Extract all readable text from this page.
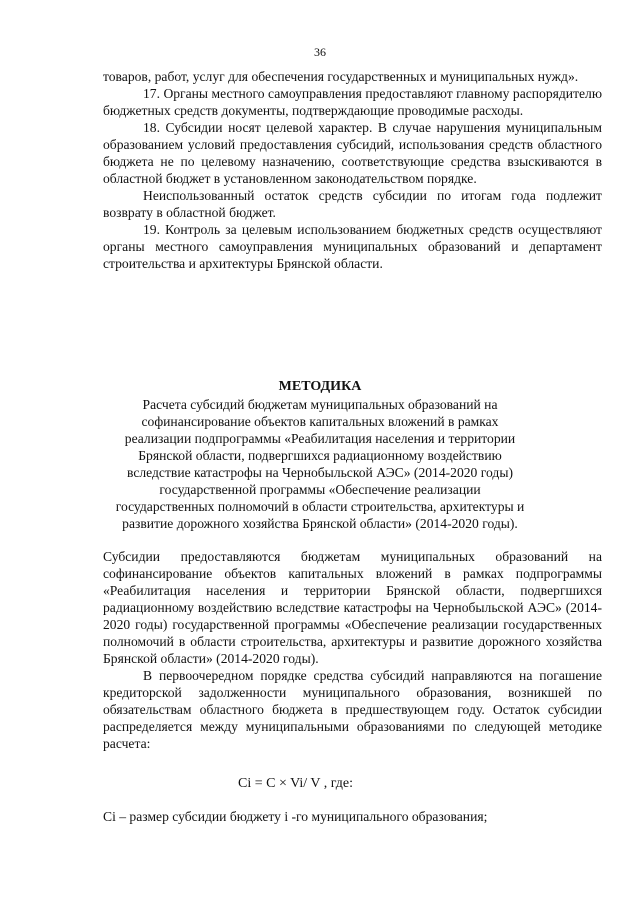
36

товаров, работ, услуг для обеспечения государственных и муниципальных нужд».

17. Органы местного самоуправления предоставляют главному распорядителю бюджетных средств документы, подтверждающие проводимые расходы.

18. Субсидии носят целевой характер. В случае нарушения муниципальным образованием условий предоставления субсидий, использования средств областного бюджета не по целевому назначению, соответствующие средства взыскиваются в областной бюджет в установленном законодательством порядке.

Неиспользованный остаток средств субсидии по итогам года подлежит возврату в областной бюджет.

19. Контроль за целевым использованием бюджетных средств осуществляют органы местного самоуправления муниципальных образований и департамент строительства и архитектуры Брянской области.

МЕТОДИКА
Расчета субсидий бюджетам муниципальных образований на софинансирование объектов капитальных вложений в рамках реализации подпрограммы «Реабилитация населения и территории Брянской области, подвергшихся радиационному воздействию вследствие катастрофы на Чернобыльской АЭС» (2014-2020 годы) государственной программы «Обеспечение реализации государственных полномочий в области строительства, архитектуры и развитие дорожного хозяйства Брянской области» (2014-2020 годы).

Субсидии предоставляются бюджетам муниципальных образований на софинансирование объектов капитальных вложений в рамках подпрограммы «Реабилитация населения и территории Брянской области, подвергшихся радиационному воздействию вследствие катастрофы на Чернобыльской АЭС» (2014-2020 годы) государственной программы «Обеспечение реализации государственных полномочий в области строительства, архитектуры и развитие дорожного хозяйства Брянской области» (2014-2020 годы).

В первоочередном порядке средства субсидий направляются на погашение кредиторской задолженности муниципального образования, возникшей по обязательствам областного бюджета в предшествующем году. Остаток субсидии распределяется между муниципальными образованиями по следующей методике расчета:

Ci = C × Vi/ V , где:
Ci – размер субсидии бюджету i -го муниципального образования;
